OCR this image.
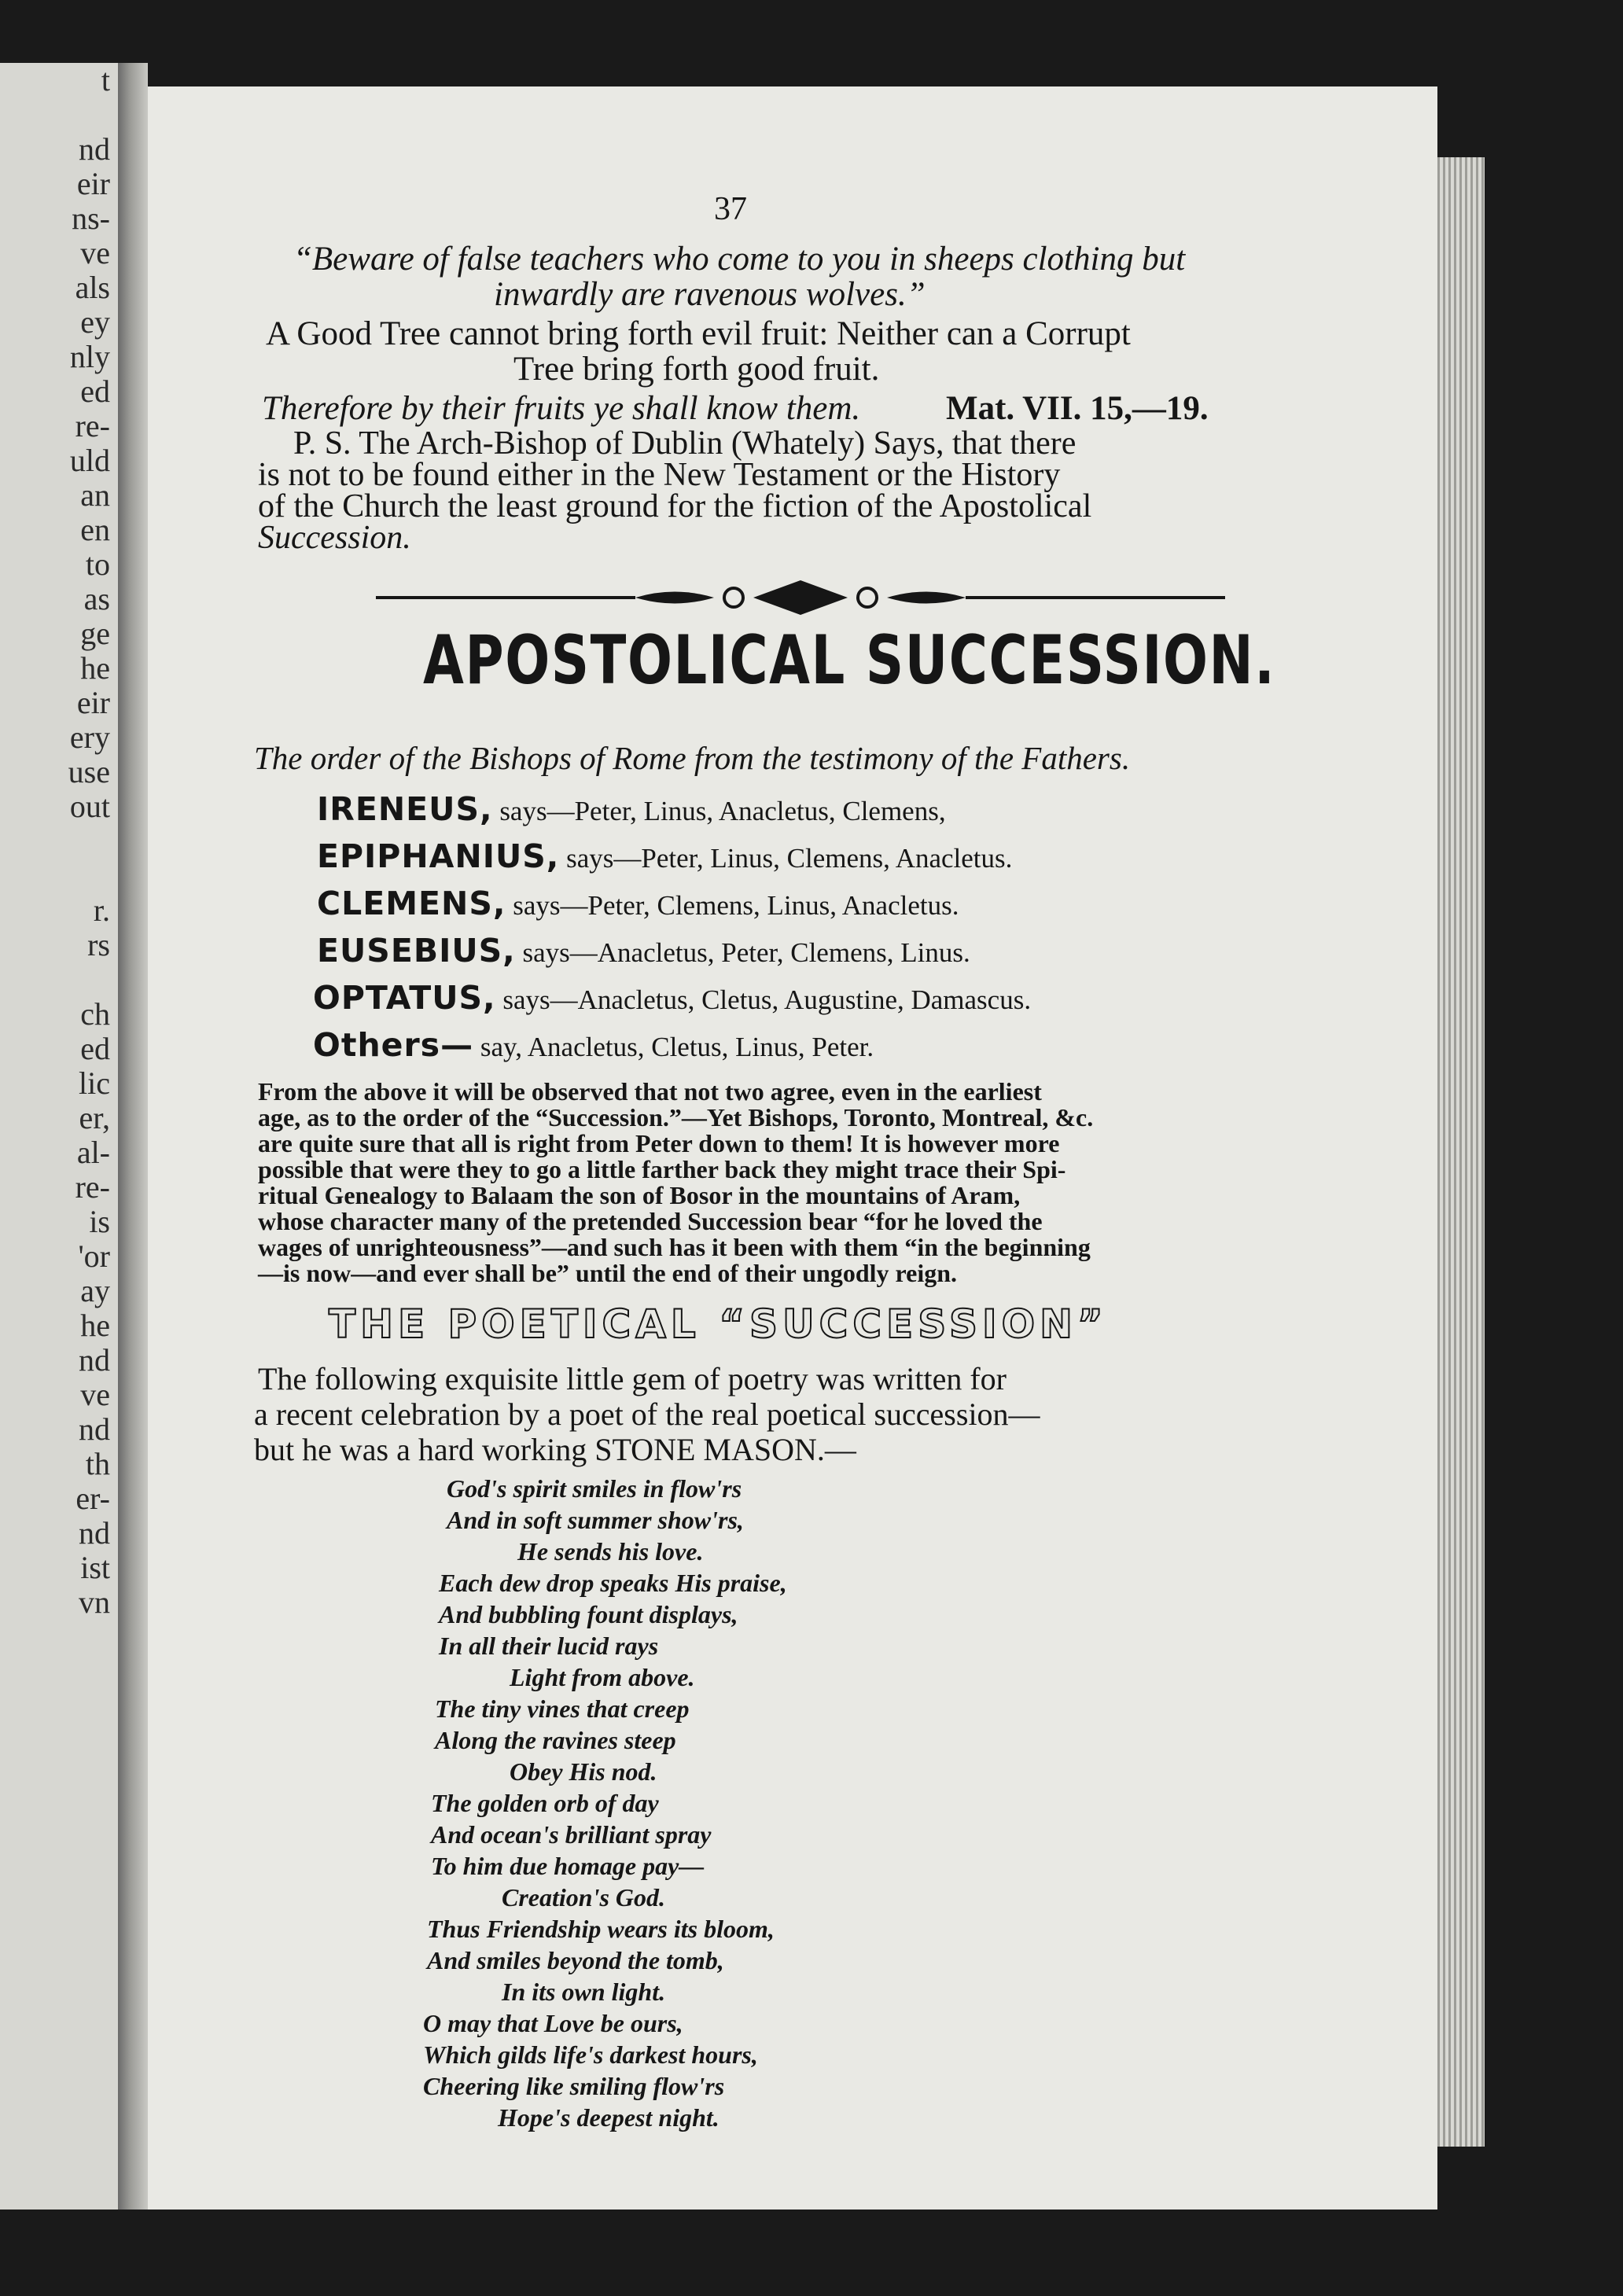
t
nd
eir
ns-
ve
als
ey
nly
ed
re-
uld
an
en
to
as
ge
he
eir
ery
use
out
r.
rs
ch
ed
lic
er,
al-
re-
is
'or
ay
he
nd
ve
nd
th
er-
nd
ist
vn
37
“Beware of false teachers who come to you in sheeps clothing but
inwardly are ravenous wolves.”
A Good Tree cannot bring forth evil fruit: Neither can a Corrupt
Tree bring forth good fruit.
Therefore by their fruits ye shall know them.	Mat. VII. 15,—19.
P. S. The Arch-Bishop of Dublin (Whately) Says, that there
is not to be found either in the New Testament or the History
of the Church the least ground for the fiction of the Apostolical
Succession.
APOSTOLICAL SUCCESSION.
The order of the Bishops of Rome from the testimony of the Fathers.
IRENEUS, says—Peter, Linus, Anacletus, Clemens,
EPIPHANIUS, says—Peter, Linus, Clemens, Anacletus.
CLEMENS, says—Peter, Clemens, Linus, Anacletus.
EUSEBIUS, says—Anacletus, Peter, Clemens, Linus.
OPTATUS, says—Anacletus, Cletus, Augustine, Damascus.
Others— say, Anacletus, Cletus, Linus, Peter.
From the above it will be observed that not two agree, even in the earliest
age, as to the order of the “Succession.”—Yet Bishops, Toronto, Montreal, &c.
are quite sure that all is right from Peter down to them! It is however more
possible that were they to go a little farther back they might trace their Spi-
ritual Genealogy to Balaam the son of Bosor in the mountains of Aram,
whose character many of the pretended Succession bear “for he loved the
wages of unrighteousness”—and such has it been with them “in the beginning
—is now—and ever shall be” until the end of their ungodly reign.
THE POETICAL “SUCCESSION”
The following exquisite little gem of poetry was written for
a recent celebration by a poet of the real poetical succession—
but he was a hard working STONE MASON.—
God's spirit smiles in flow'rs
And in soft summer show'rs,
He sends his love.
Each dew drop speaks His praise,
And bubbling fount displays,
In all their lucid rays
Light from above.
The tiny vines that creep
Along the ravines steep
Obey His nod.
The golden orb of day
And ocean's brilliant spray
To him due homage pay—
Creation's God.
Thus Friendship wears its bloom,
And smiles beyond the tomb,
In its own light.
O may that Love be ours,
Which gilds life's darkest hours,
Cheering like smiling flow'rs
Hope's deepest night.
